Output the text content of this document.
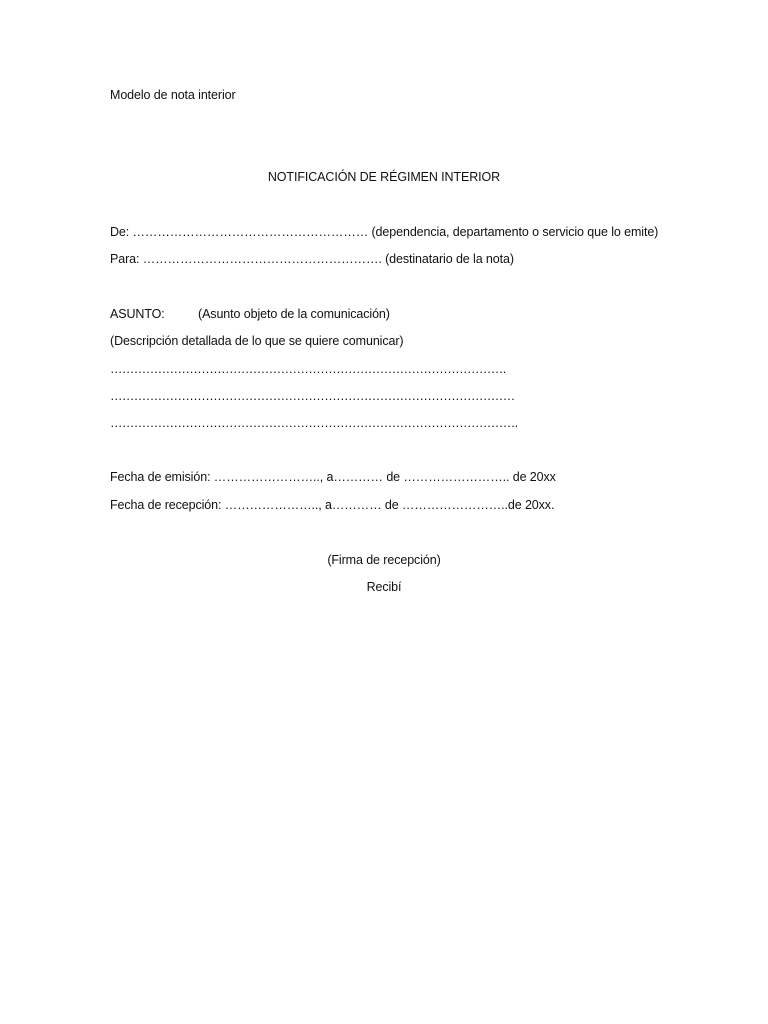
Modelo de nota interior
NOTIFICACIÓN DE RÉGIMEN INTERIOR
De: ………………………………………………… (dependencia, departamento o servicio que lo emite)
Para: …………………………………………………. (destinatario de la nota)
ASUNTO:	(Asunto objeto de la comunicación)
(Descripción detallada de lo que se quiere comunicar)
……………………………………………………………………………………….
…………………………………………………………………………………………
………………………………………………………………………………………….
Fecha de emisión: …………………….., a………… de …………………….. de 20xx
Fecha de recepción: ………………….., a………… de ……………………..de 20xx.
(Firma de recepción)
Recibí
